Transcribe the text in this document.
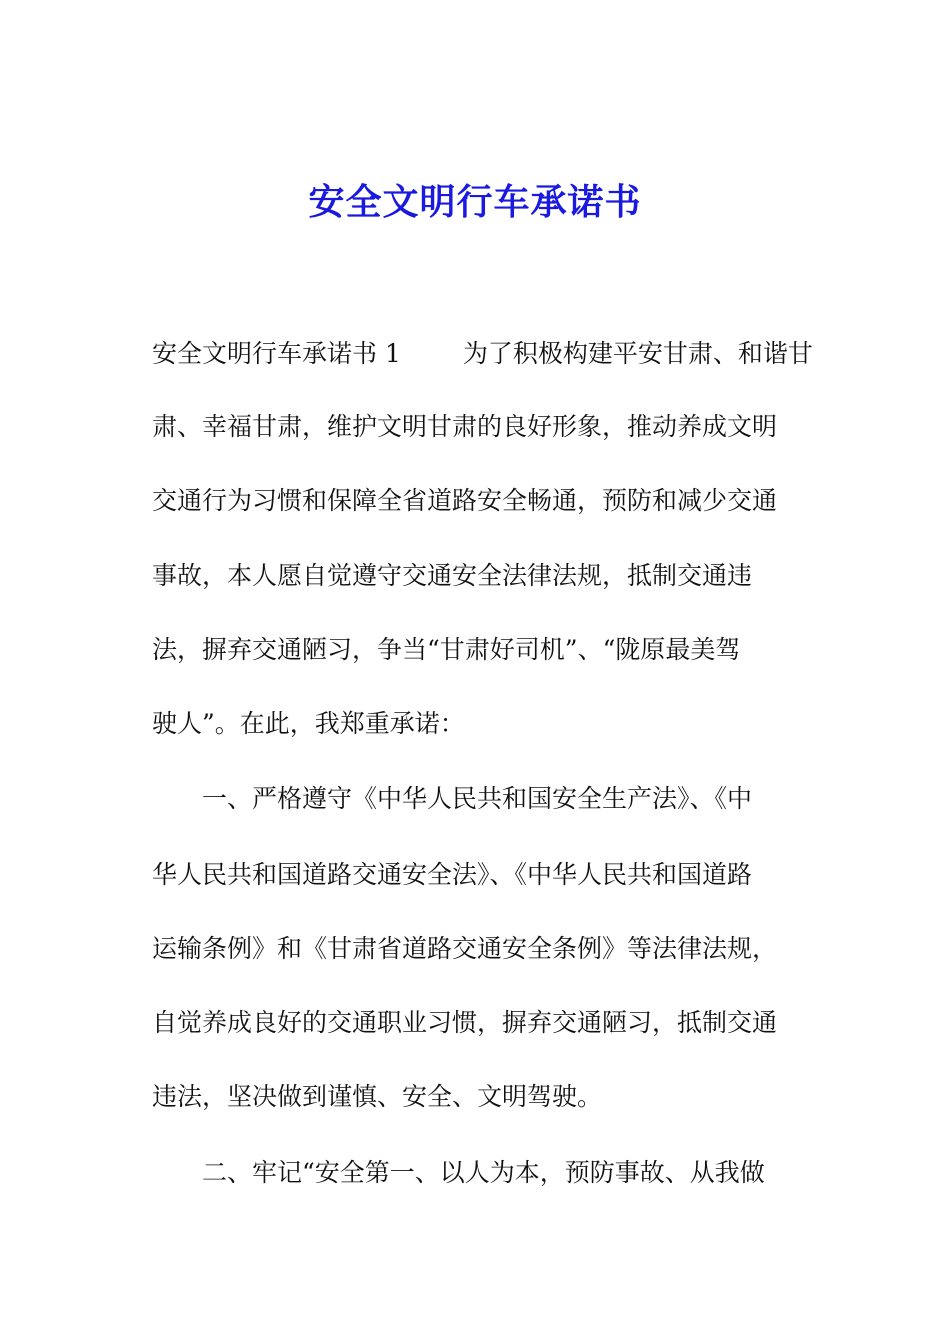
安全文明行车承诺书
安全文明行车承诺书 1 为了积极构建平安甘肃、和谐甘
肃、幸福甘肃，维护文明甘肃的良好形象，推动养成文明
交通行为习惯和保障全省道路安全畅通，预防和减少交通
事故，本人愿自觉遵守交通安全法律法规，抵制交通违
法，摒弃交通陋习，争当“甘肃好司机”、“陇原最美驾
驶人”。在此，我郑重承诺：
一、严格遵守《中华人民共和国安全生产法》、《中
华人民共和国道路交通安全法》、《中华人民共和国道路
运输条例》和《甘肃省道路交通安全条例》等法律法规，
自觉养成良好的交通职业习惯，摒弃交通陋习，抵制交通
违法，坚决做到谨慎、安全、文明驾驶。
二、牢记“安全第一、以人为本，预防事故、从我做
